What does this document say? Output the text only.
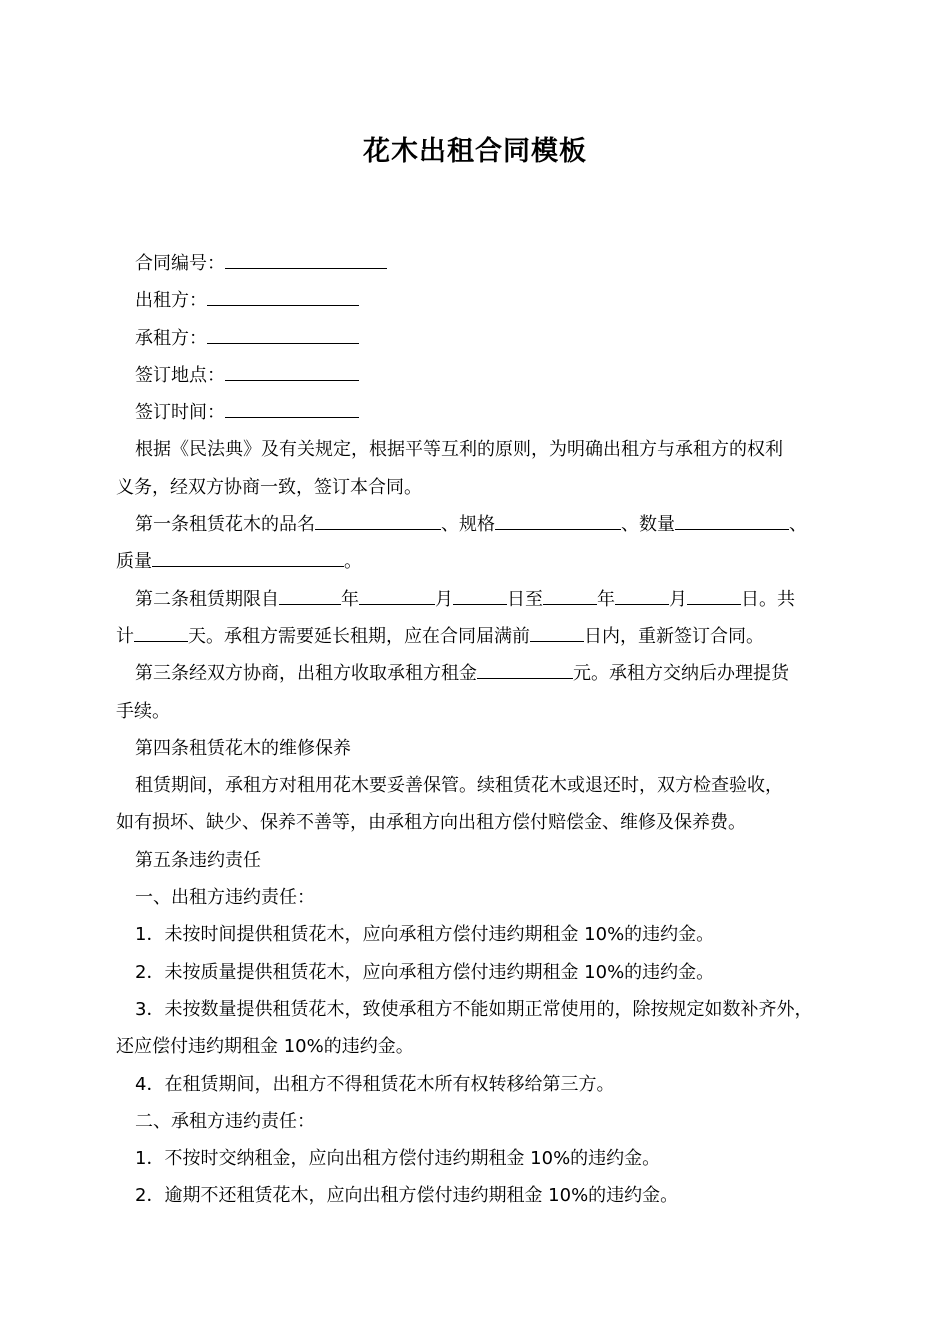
花木出租合同模板
合同编号：
出租方：
承租方：
签订地点：
签订时间：
根据《民法典》及有关规定，根据平等互利的原则，为明确出租方与承租方的权利
义务，经双方协商一致，签订本合同。
第一条租赁花木的品名	、规格	、数量	、
质量	。
第二条租赁期限自	年	月	日至	年	月	日。共
计	天。承租方需要延长租期，应在合同届满前	日内，重新签订合同。
第三条经双方协商，出租方收取承租方租金	元。承租方交纳后办理提货
手续。
第四条租赁花木的维修保养
租赁期间，承租方对租用花木要妥善保管。续租赁花木或退还时，双方检查验收，
如有损坏、缺少、保养不善等，由承租方向出租方偿付赔偿金、维修及保养费。
第五条违约责任
一、出租方违约责任：
1．未按时间提供租赁花木，应向承租方偿付违约期租金 10%的违约金。
2．未按质量提供租赁花木，应向承租方偿付违约期租金 10%的违约金。
3．未按数量提供租赁花木，致使承租方不能如期正常使用的，除按规定如数补齐外，
还应偿付违约期租金 10%的违约金。
4．在租赁期间，出租方不得租赁花木所有权转移给第三方。
二、承租方违约责任：
1．不按时交纳租金，应向出租方偿付违约期租金 10%的违约金。
2．逾期不还租赁花木，应向出租方偿付违约期租金 10%的违约金。
